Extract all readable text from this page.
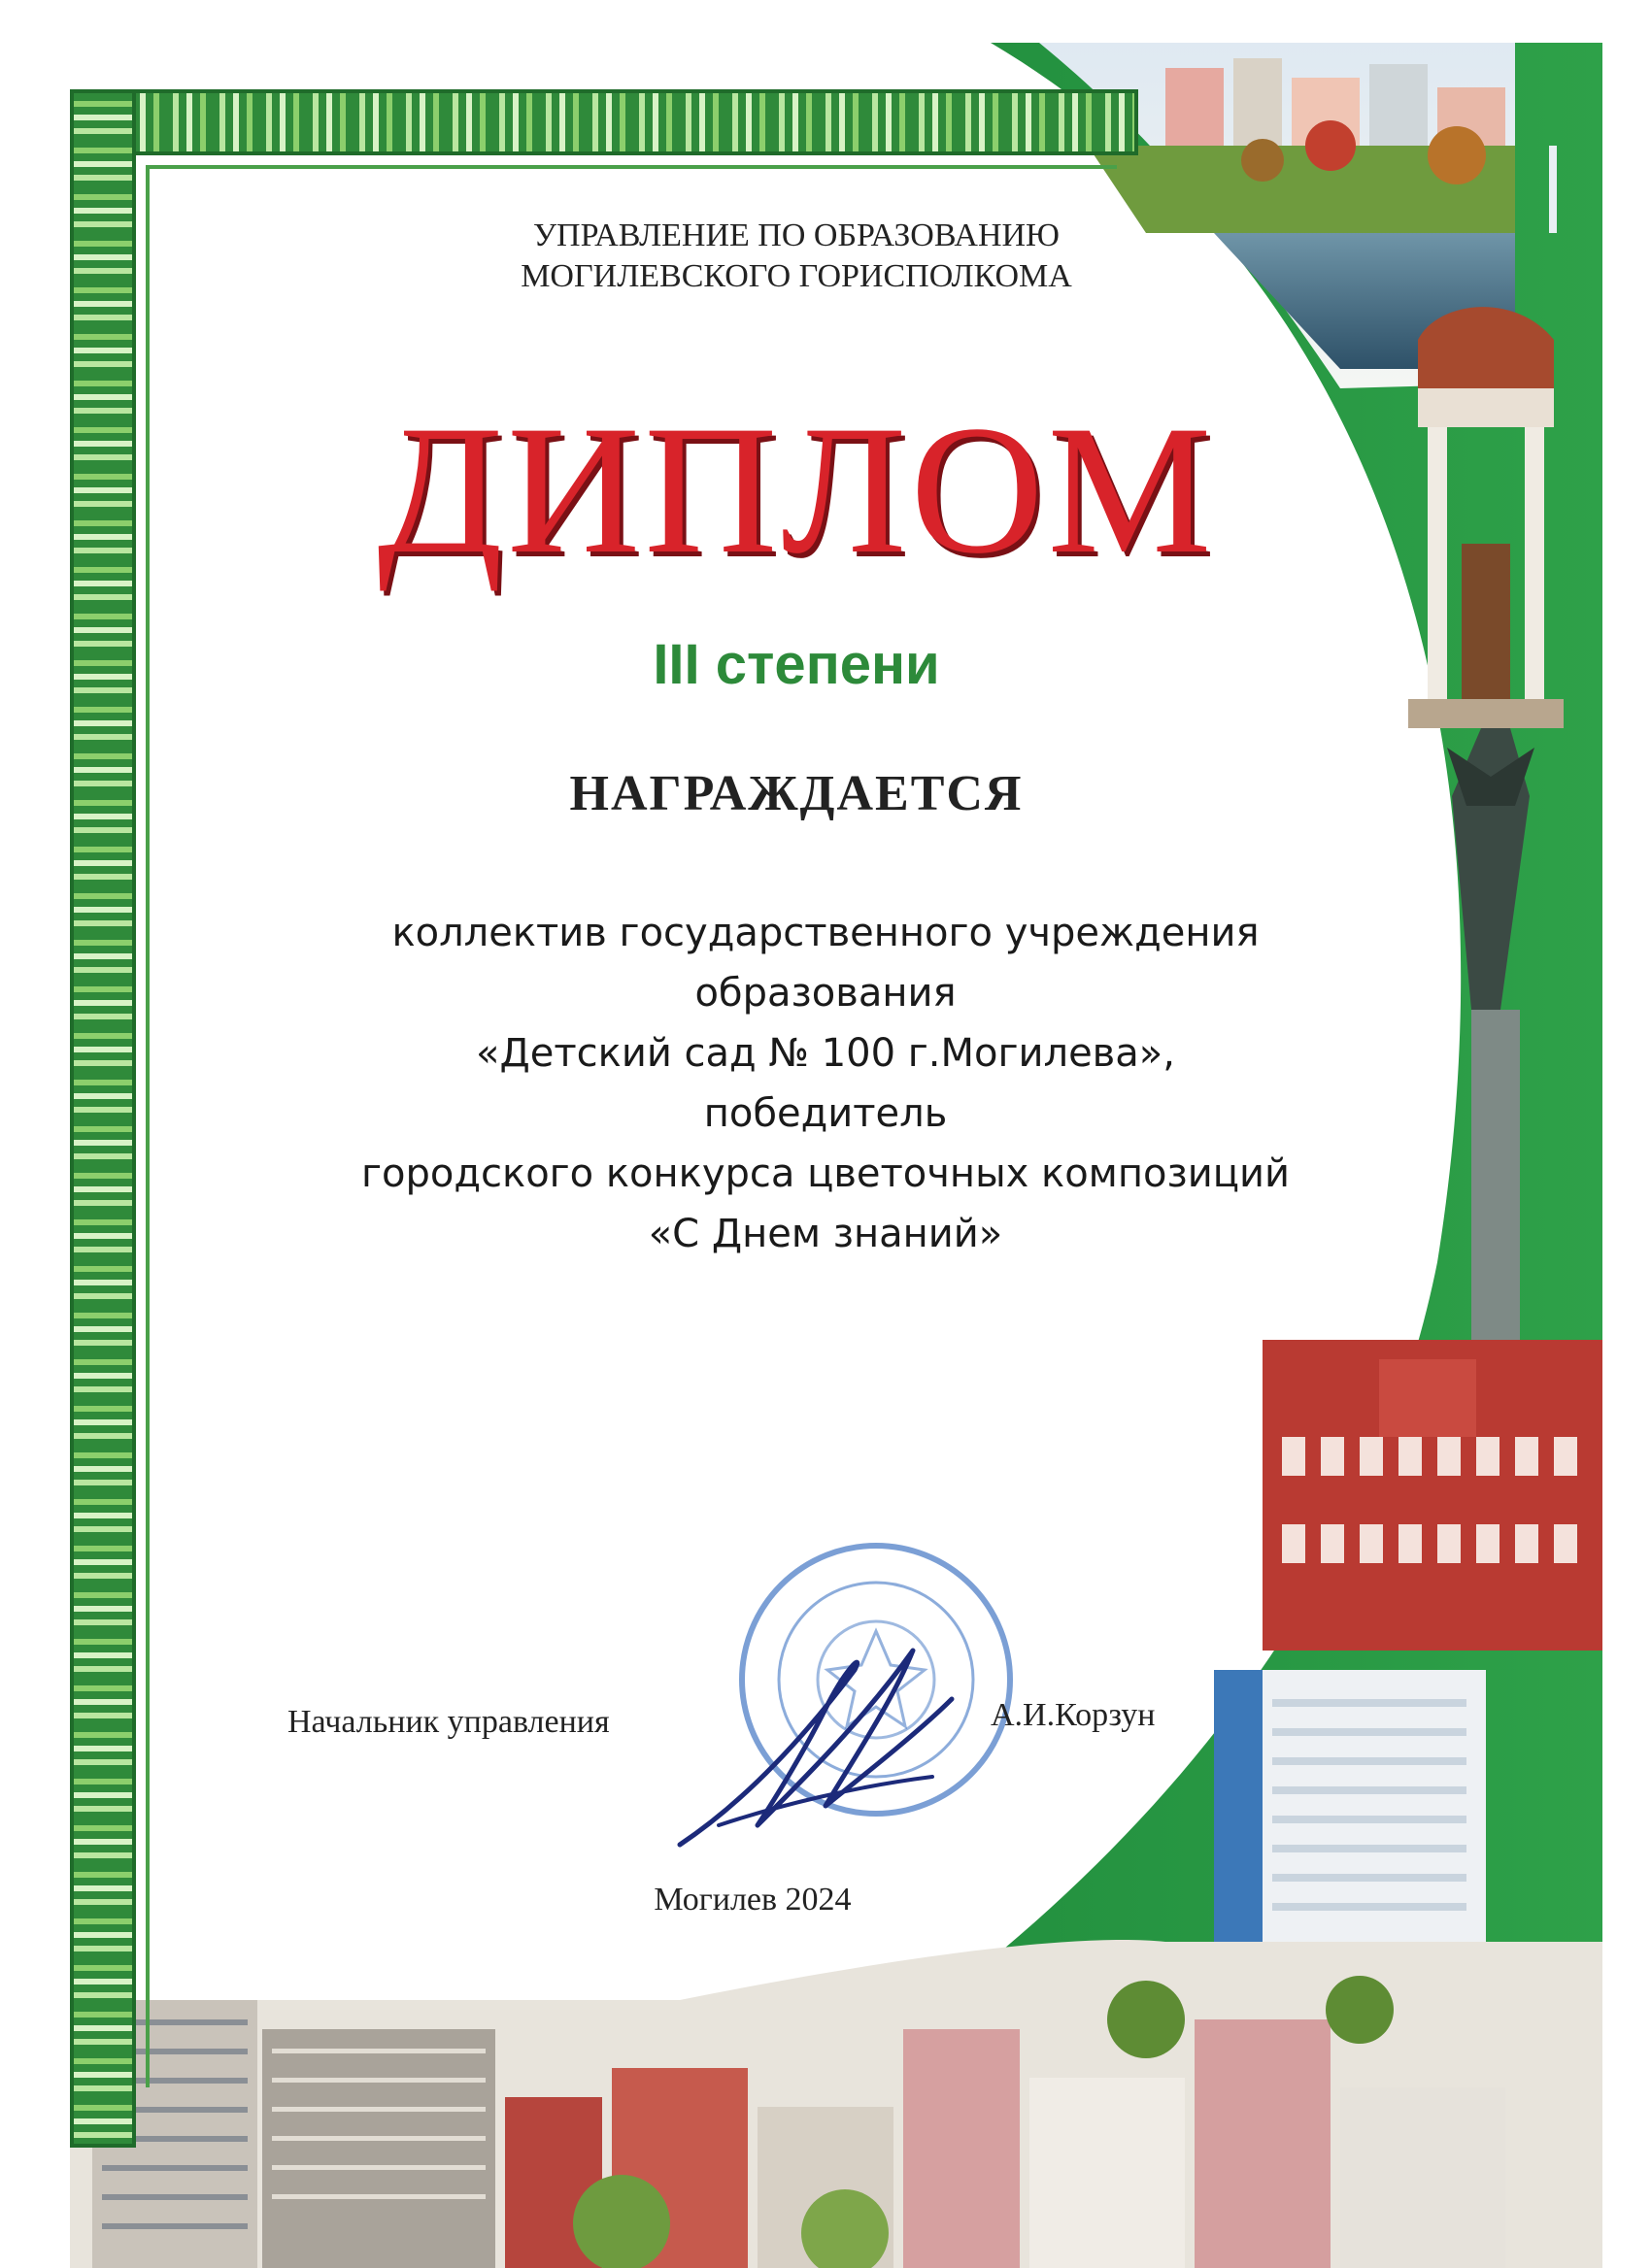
УПРАВЛЕНИЕ ПО ОБРАЗОВАНИЮ
МОГИЛЕВСКОГО ГОРИСПОЛКОМА

ДИПЛОМ

III степени

НАГРАЖДАЕТСЯ

коллектив государственного учреждения
образования
«Детский сад № 100 г.Могилева»,
победитель
городского конкурса цветочных композиций
«С Днем знаний»

Начальник управления	А.И.Корзун

Могилев 2024
